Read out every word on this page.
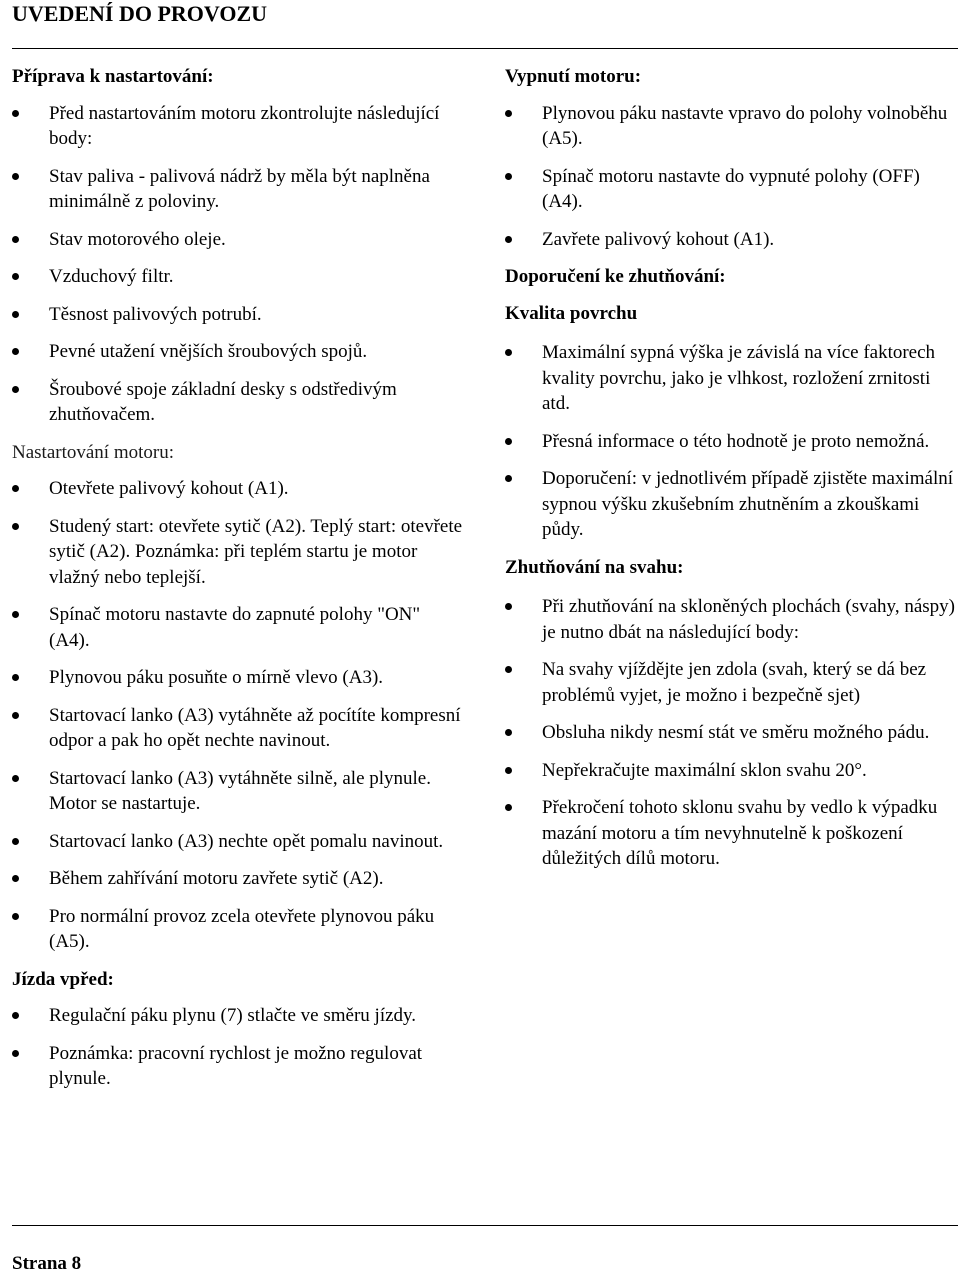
UVEDENÍ DO PROVOZU
Příprava k nastartování:
Před nastartováním motoru zkontrolujte následující body:
Stav paliva - palivová nádrž by měla být naplněna minimálně z poloviny.
Stav motorového oleje.
Vzduchový filtr.
Těsnost palivových potrubí.
Pevné utažení vnějších šroubových spojů.
Šroubové spoje základní desky s odstředivým zhutňovačem.
Nastartování motoru:
Otevřete palivový kohout (A1).
Studený start: otevřete sytič (A2). Teplý start: otevřete sytič (A2). Poznámka: při teplém startu je motor vlažný nebo teplejší.
Spínač motoru nastavte do zapnuté polohy "ON" (A4).
Plynovou páku posuňte o mírně vlevo (A3).
Startovací lanko (A3) vytáhněte až pocítíte kompresní odpor a pak ho opět nechte navinout.
Startovací lanko (A3) vytáhněte silně, ale plynule. Motor se nastartuje.
Startovací lanko (A3) nechte opět pomalu navinout.
Během zahřívání motoru zavřete sytič (A2).
Pro normální provoz zcela otevřete plynovou páku (A5).
Jízda vpřed:
Regulační páku plynu (7) stlačte ve směru jízdy.
Poznámka: pracovní rychlost je možno regulovat plynule.
Vypnutí motoru:
Plynovou páku nastavte vpravo do polohy volnoběhu (A5).
Spínač motoru nastavte do vypnuté polohy (OFF) (A4).
Zavřete palivový kohout (A1).
Doporučení ke zhutňování:
Kvalita povrchu
Maximální sypná výška je závislá na více faktorech kvality povrchu, jako je vlhkost, rozložení zrnitosti atd.
Přesná informace o této hodnotě je proto nemožná.
Doporučení: v jednotlivém případě zjistěte maximální sypnou výšku zkušebním zhutněním a zkouškami půdy.
Zhutňování na svahu:
Při zhutňování na skloněných plochách (svahy, náspy) je nutno dbát na následující body:
Na svahy vjíždějte jen zdola (svah, který se dá bez problémů vyjet, je možno i bezpečně sjet)
Obsluha nikdy nesmí stát ve směru možného pádu.
Nepřekračujte maximální sklon svahu 20°.
Překročení tohoto sklonu svahu by vedlo k výpadku mazání motoru a tím nevyhnutelně k poškození důležitých dílů motoru.
Strana 8
